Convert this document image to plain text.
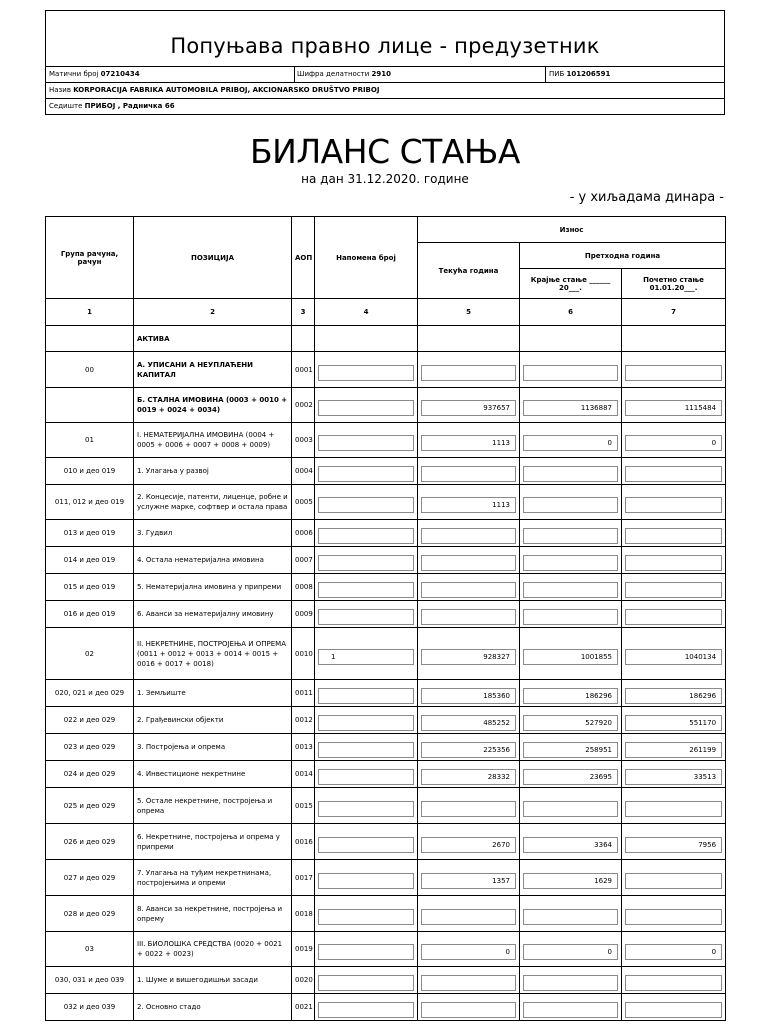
Попуњава правно лице - предузетник
Матични број 07210434	Шифра делатности 2910	ПИБ 101206591
Назив KORPORACIJA FABRIKA AUTOMOBILA PRIBOJ, AKCIONARSKO DRUŠTVO PRIBOJ
Седиште ПРИБОЈ , Радничка 66
БИЛАНС СТАЊА
на дан 31.12.2020. године
- у хиљадама динара -
Група рачуна, рачун	ПОЗИЦИЈА	АОП	Напомена број	Износ		
				Текућа година	Претходна година	
					Крајње стање ______ 20___.	Почетно стање 01.01.20___.
1	2	3	4	5	6	7
	АКТИВА					
00	А. УПИСАНИ А НЕУПЛАЋЕНИ КАПИТАЛ	0001	

	Б. СТАЛНА ИМОВИНА (0003 + 0010 + 0019 + 0024 + 0034)	0002		937657	1136887	1115484

01	I. НЕМАТЕРИЈАЛНА ИМОВИНА (0004 + 0005 + 0006 + 0007 + 0008 + 0009)	0003		1113	0	0

010 и део 019	1. Улагања у развој	0004	

011, 012 и део 019	2. Концесије, патенти, лиценце, робне и услужне марке, софтвер и остала права	0005		1113		

013 и део 019	3. Гудвил	0006	

014 и део 019	4. Остала нематеријална имовина	0007	

015 и део 019	5. Нематеријална имовина у припреми	0008	

016 и део 019	6. Аванси за нематеријалну имовину	0009	

02	II. НЕКРЕТНИНЕ, ПОСТРОЈЕЊА И ОПРЕМА (0011 + 0012 + 0013 + 0014 + 0015 + 0016 + 0017 + 0018)	0010	1	928327	1001855	1040134

020, 021 и део 029	1. Земљиште	0011		185360	186296	186296

022 и део 029	2. Грађевински објекти	0012		485252	527920	551170

023 и део 029	3. Постројења и опрема	0013		225356	258951	261199

024 и део 029	4. Инвестиционе некретнине	0014		28332	23695	33513

025 и део 029	5. Остале некретнине, постројења и опрема	0015	

026 и део 029	6. Некретнине, постројења и опрема у припреми	0016		2670	3364	7956

027 и део 029	7. Улагања на туђим некретнинама, постројењима и опреми	0017		1357	1629	

028 и део 029	8. Аванси за некретнине, постројења и опрему	0018	

03	III. БИОЛОШКА СРЕДСТВА (0020 + 0021 + 0022 + 0023)	0019		0	0	0

030, 031 и део 039	1. Шуме и вишегодишњи засади	0020	

032 и део 039	2. Основно стадо	0021	
